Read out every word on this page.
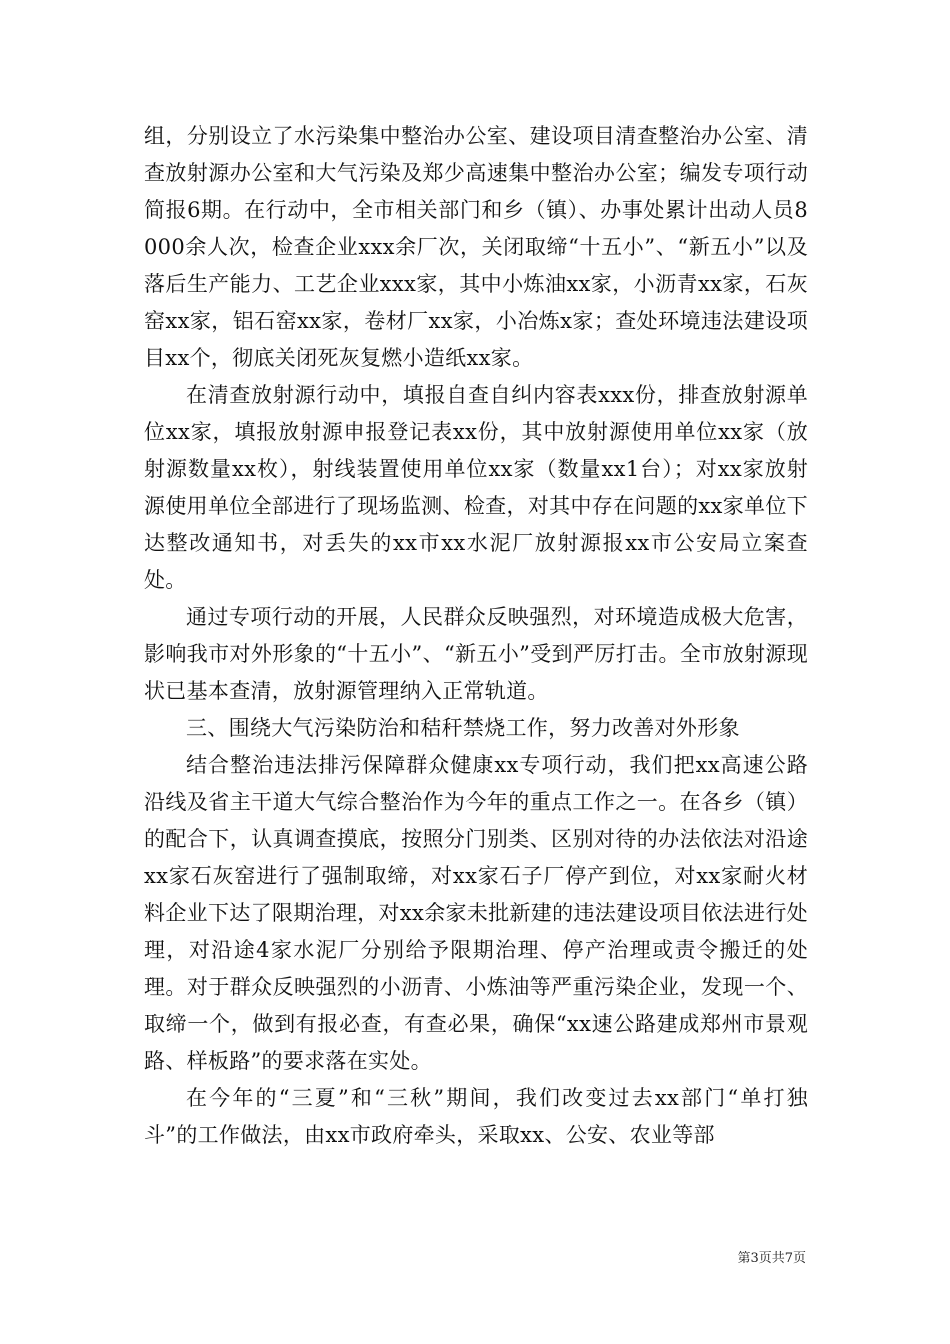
组，分别设立了水污染集中整治办公室、建设项目清查整治办公室、清查放射源办公室和大气污染及郑少高速集中整治办公室；编发专项行动简报6期。在行动中，全市相关部门和乡（镇）、办事处累计出动人员8000余人次，检查企业xxx余厂次，关闭取缔“十五小”、“新五小”以及落后生产能力、工艺企业xxx家，其中小炼油xx家，小沥青xx家，石灰窑xx家，铝石窑xx家，卷材厂xx家，小冶炼x家；查处环境违法建设项目xx个，彻底关闭死灰复燃小造纸xx家。

在清查放射源行动中，填报自查自纠内容表xxx份，排查放射源单位xx家，填报放射源申报登记表xx份，其中放射源使用单位xx家（放射源数量xx枚），射线装置使用单位xx家（数量xx1台）；对xx家放射源使用单位全部进行了现场监测、检查，对其中存在问题的xx家单位下达整改通知书，对丢失的xx市xx水泥厂放射源报xx市公安局立案查处。

通过专项行动的开展，人民群众反映强烈，对环境造成极大危害，影响我市对外形象的“十五小”、“新五小”受到严厉打击。全市放射源现状已基本查清，放射源管理纳入正常轨道。

三、围绕大气污染防治和秸秆禁烧工作，努力改善对外形象

结合整治违法排污保障群众健康xx专项行动，我们把xx高速公路沿线及省主干道大气综合整治作为今年的重点工作之一。在各乡（镇）的配合下，认真调查摸底，按照分门别类、区别对待的办法依法对沿途xx家石灰窑进行了强制取缔，对xx家石子厂停产到位，对xx家耐火材料企业下达了限期治理，对xx余家未批新建的违法建设项目依法进行处理，对沿途4家水泥厂分别给予限期治理、停产治理或责令搬迁的处理。对于群众反映强烈的小沥青、小炼油等严重污染企业，发现一个、取缔一个，做到有报必查，有查必果，确保“xx速公路建成郑州市景观路、样板路”的要求落在实处。

在今年的“三夏”和“三秋”期间，我们改变过去xx部门“单打独斗”的工作做法，由xx市政府牵头，采取xx、公安、农业等部

第3页共7页
